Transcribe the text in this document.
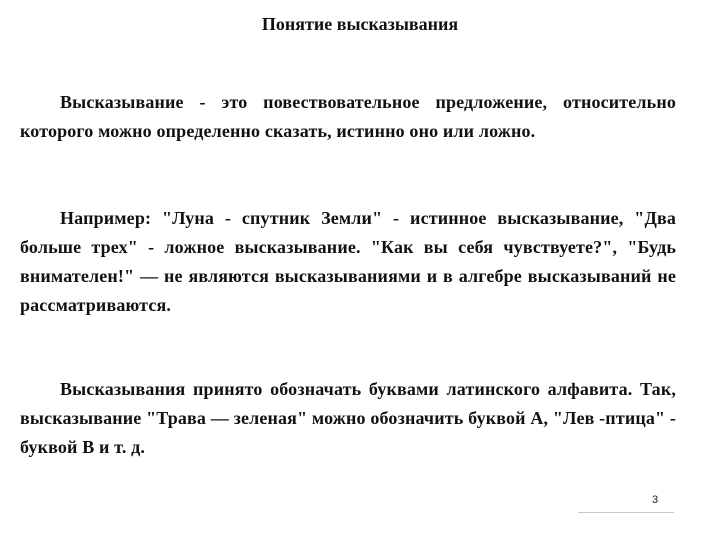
Понятие высказывания
Высказывание - это повествовательное предложение, относительно которого можно определенно сказать, истинно оно или ложно.
Например: "Луна - спутник Земли" - истинное высказывание, "Два больше трех" - ложное высказывание. "Как вы себя чувствуете?", "Будь внимателен!" — не являются высказываниями и в алгебре высказываний не рассматриваются.
Высказывания принято обозначать буквами латинского алфавита. Так, высказывание "Трава — зеленая" можно обозначить буквой А, "Лев -птица" - буквой В и т. д.
3
